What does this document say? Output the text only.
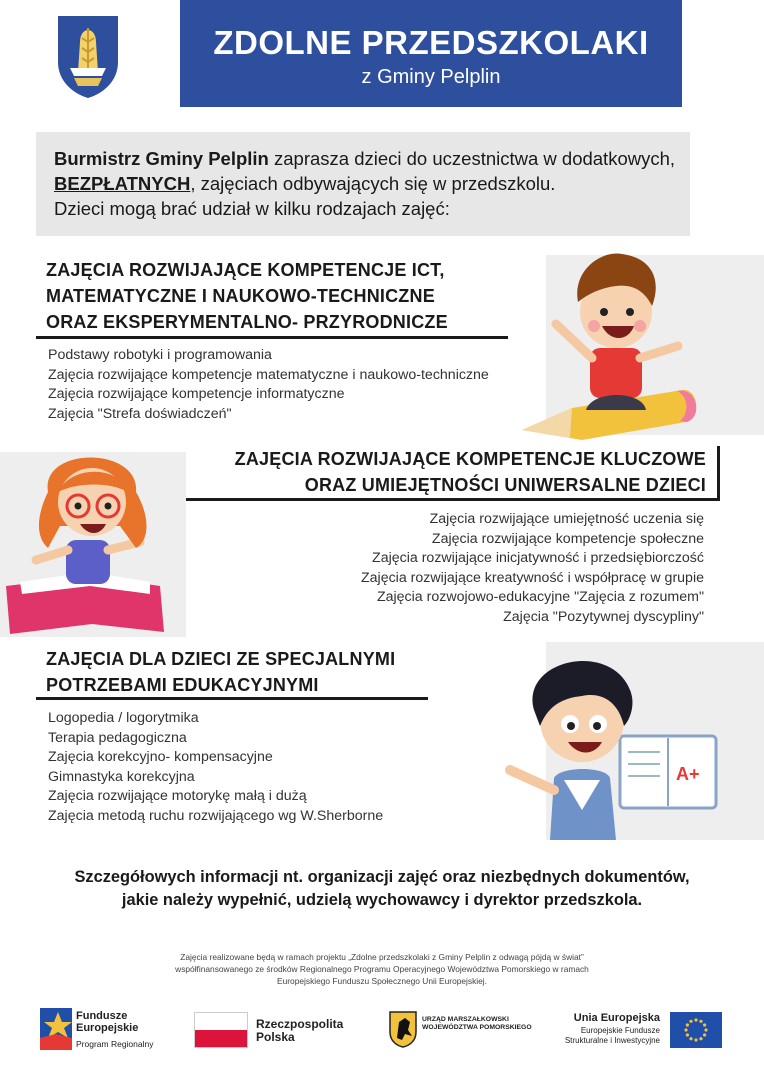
ZDOLNE PRZEDSZKOLAKI
z Gminy Pelplin

Burmistrz Gminy Pelplin zaprasza dzieci do uczestnictwa w dodatkowych,
BEZPŁATNYCH, zajęciach odbywających się w przedszkolu.
Dzieci mogą brać udział w kilku rodzajach zajęć:

ZAJĘCIA ROZWIJAJĄCE KOMPETENCJE ICT,
MATEMATYCZNE I NAUKOWO-TECHNICZNE
ORAZ EKSPERYMENTALNO- PRZYRODNICZE
Podstawy robotyki i programowania
Zajęcia rozwijające kompetencje matematyczne i naukowo-techniczne
Zajęcia rozwijające kompetencje informatyczne
Zajęcia "Strefa doświadczeń"
ZAJĘCIA ROZWIJAJĄCE KOMPETENCJE KLUCZOWE
ORAZ UMIEJĘTNOŚCI UNIWERSALNE DZIECI
Zajęcia rozwijające umiejętność uczenia się
Zajęcia rozwijające kompetencje społeczne
Zajęcia rozwijające inicjatywność i przedsiębiorczość
Zajęcia rozwijające kreatywność i współpracę w grupie
Zajęcia rozwojowo-edukacyjne "Zajęcia z rozumem"
Zajęcia "Pozytywnej dyscypliny"
A+
ZAJĘCIA DLA DZIECI ZE SPECJALNYMI
POTRZEBAMI EDUKACYJNYMI
Logopedia / logorytmika
Terapia pedagogiczna
Zajęcia korekcyjno- kompensacyjne
Gimnastyka korekcyjna
Zajęcia rozwijające motorykę małą i dużą
Zajęcia metodą ruchu rozwijającego wg W.Sherborne
Szczegółowych informacji nt. organizacji zajęć oraz niezbędnych dokumentów,
jakie należy wypełnić, udzielą wychowawcy i dyrektor przedszkola.
Zajęcia realizowane będą w ramach projektu „Zdolne przedszkolaki z Gminy Pelplin z odwagą pójdą w świat”
współfinansowanego ze środków Regionalnego Programu Operacyjnego Województwa Pomorskiego w ramach
Europejskiego Funduszu Społecznego Unii Europejskiej.
Fundusze
Europejskie
Program Regionalny
Rzeczpospolita
Polska
URZĄD MARSZAŁKOWSKI
WOJEWÓDZTWA POMORSKIEGO
Unia Europejska
Europejskie Fundusze
Strukturalne i Inwestycyjne
